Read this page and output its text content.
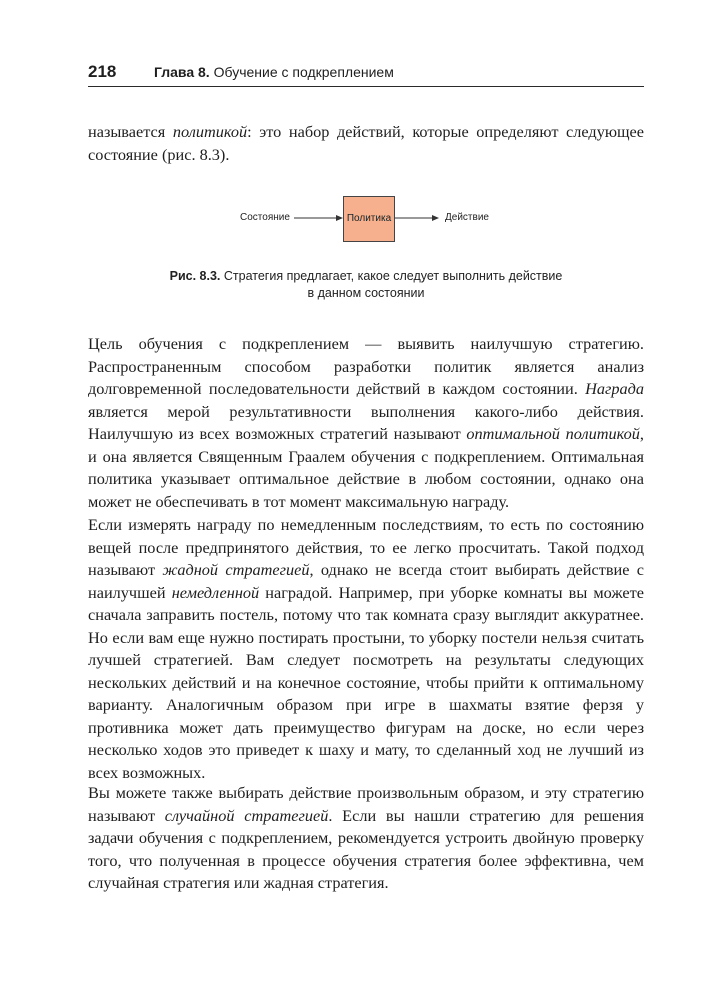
218	Глава 8. Обучение с подкреплением

называется политикой: это набор действий, которые определяют следующее состояние (рис. 8.3).

Состояние	Политика	Действие
Рис. 8.3. Стратегия предлагает, какое следует выполнить действие
в данном состоянии

Цель обучения с подкреплением — выявить наилучшую стратегию. Распространенным способом разработки политик является анализ долговременной последовательности действий в каждом состоянии. Награда является мерой результативности выполнения какого-либо действия. Наилучшую из всех возможных стратегий называют оптимальной политикой, и она является Священным Граалем обучения с подкреплением. Оптимальная политика указывает оптимальное действие в любом состоянии, однако она может не обеспечивать в тот момент максимальную награду.

Если измерять награду по немедленным последствиям, то есть по состоянию вещей после предпринятого действия, то ее легко просчитать. Такой подход называют жадной стратегией, однако не всегда стоит выбирать действие с наилучшей немедленной наградой. Например, при уборке комнаты вы можете сначала заправить постель, потому что так комната сразу выглядит аккуратнее. Но если вам еще нужно постирать простыни, то уборку постели нельзя считать лучшей стратегией. Вам следует посмотреть на результаты следующих нескольких действий и на конечное состояние, чтобы прийти к оптимальному варианту. Аналогичным образом при игре в шахматы взятие ферзя у противника может дать преимущество фигурам на доске, но если через несколько ходов это приведет к шаху и мату, то сделанный ход не лучший из всех возможных.

Вы можете также выбирать действие произвольным образом, и эту стратегию называют случайной стратегией. Если вы нашли стратегию для решения задачи обучения с подкреплением, рекомендуется устроить двойную проверку того, что полученная в процессе обучения стратегия более эффективна, чем случайная стратегия или жадная стратегия.
